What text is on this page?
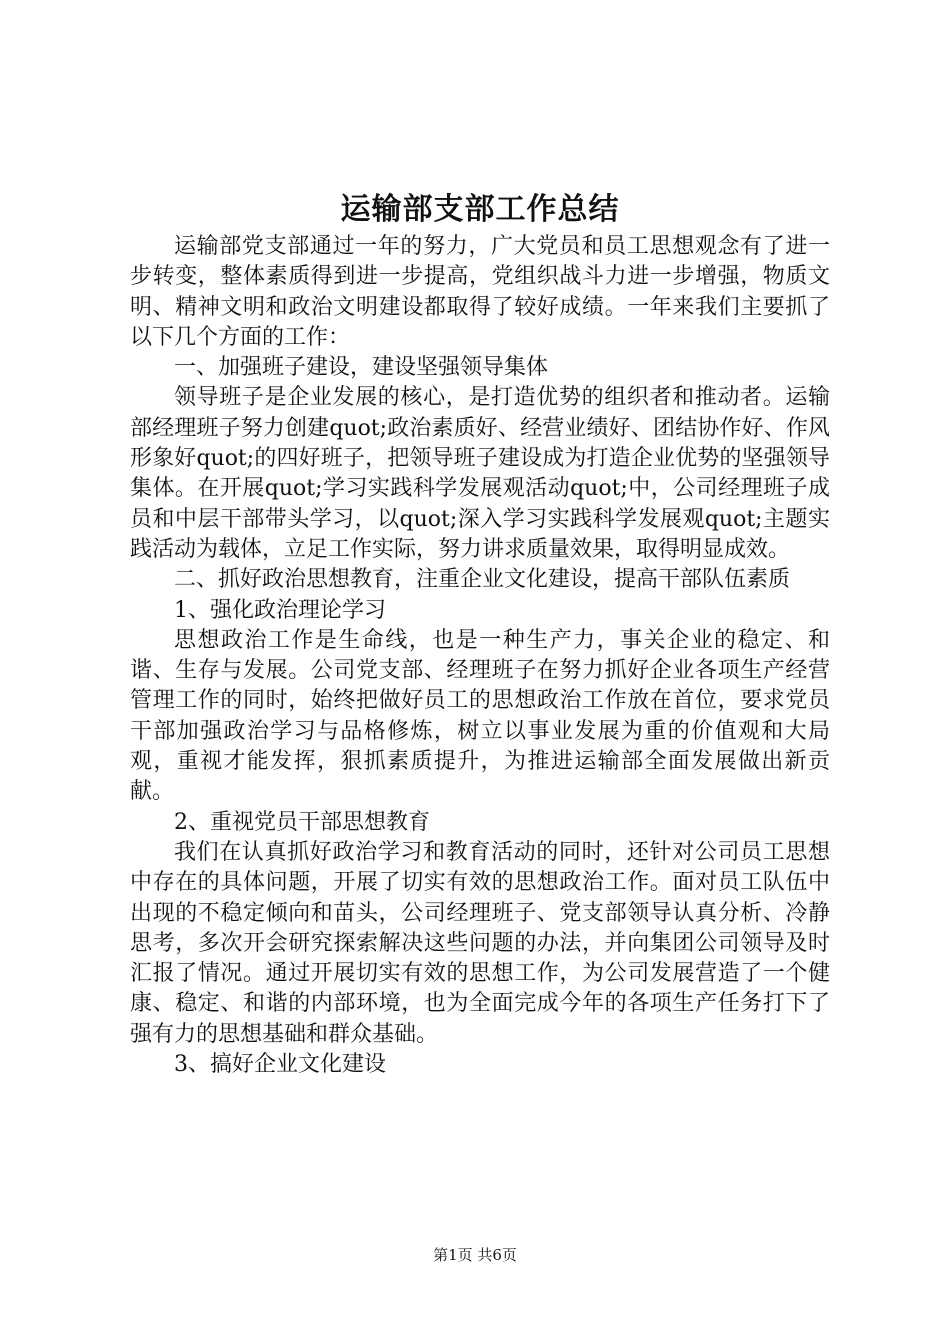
运输部支部工作总结

运输部党支部通过一年的努力，广大党员和员工思想观念有了进一步转变，整体素质得到进一步提高，党组织战斗力进一步增强，物质文明、精神文明和政治文明建设都取得了较好成绩。一年来我们主要抓了以下几个方面的工作：

一、加强班子建设，建设坚强领导集体

领导班子是企业发展的核心，是打造优势的组织者和推动者。运输部经理班子努力创建quot;政治素质好、经营业绩好、团结协作好、作风形象好quot;的四好班子，把领导班子建设成为打造企业优势的坚强领导集体。在开展quot;学习实践科学发展观活动quot;中，公司经理班子成员和中层干部带头学习，以quot;深入学习实践科学发展观quot;主题实践活动为载体，立足工作实际，努力讲求质量效果，取得明显成效。

二、抓好政治思想教育，注重企业文化建设，提高干部队伍素质

1、强化政治理论学习

思想政治工作是生命线，也是一种生产力，事关企业的稳定、和谐、生存与发展。公司党支部、经理班子在努力抓好企业各项生产经营管理工作的同时，始终把做好员工的思想政治工作放在首位，要求党员干部加强政治学习与品格修炼，树立以事业发展为重的价值观和大局观，重视才能发挥，狠抓素质提升，为推进运输部全面发展做出新贡献。

2、重视党员干部思想教育

我们在认真抓好政治学习和教育活动的同时，还针对公司员工思想中存在的具体问题，开展了切实有效的思想政治工作。面对员工队伍中出现的不稳定倾向和苗头，公司经理班子、党支部领导认真分析、冷静思考，多次开会研究探索解决这些问题的办法，并向集团公司领导及时汇报了情况。通过开展切实有效的思想工作，为公司发展营造了一个健康、稳定、和谐的内部环境，也为全面完成今年的各项生产任务打下了强有力的思想基础和群众基础。

3、搞好企业文化建设

第1页 共6页
